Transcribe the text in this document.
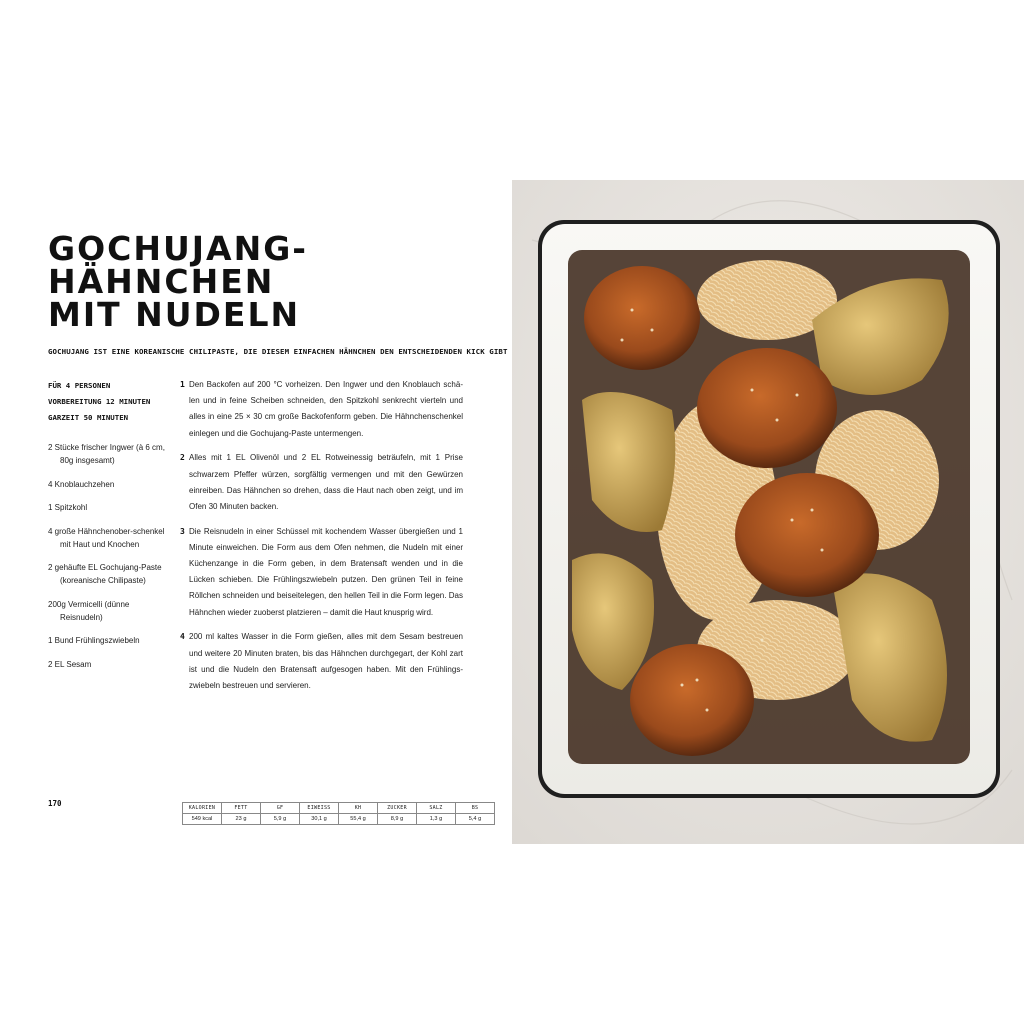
GOCHUJANG-
HÄHNCHEN
MIT NUDELN

GOCHUJANG IST EINE KOREANISCHE CHILIPASTE, DIE DIESEM EINFACHEN HÄHNCHEN DEN ENTSCHEIDENDEN KICK GIBT

FÜR 4 PERSONEN
VORBEREITUNG 12 MINUTEN
GARZEIT 50 MINUTEN
2 Stücke frischer Ingwer (à 6 cm, 80g insgesamt)
4 Knoblauchzehen
1 Spitzkohl
4 große Hähnchenober-schenkel mit Haut und Knochen
2 gehäufte EL Gochujang-Paste (koreanische Chilipaste)
200g Vermicelli (dünne Reisnudeln)
1 Bund Frühlingszwiebeln
2 EL Sesam
1 Den Backofen auf 200 °C vorheizen. Den Ingwer und den Knoblauch schä-len und in feine Scheiben schneiden, den Spitzkohl senkrecht vierteln und alles in eine 25 × 30 cm große Backofenform geben. Die Hähnchenschenkel einlegen und die Gochujang-Paste untermengen.
2 Alles mit 1 EL Olivenöl und 2 EL Rotweinessig beträufeln, mit 1 Prise schwarzem Pfeffer würzen, sorgfältig vermengen und mit den Gewürzen einreiben. Das Hähnchen so drehen, dass die Haut nach oben zeigt, und im Ofen 30 Minuten backen.
3 Die Reisnudeln in einer Schüssel mit kochendem Wasser übergießen und 1 Minute einweichen. Die Form aus dem Ofen nehmen, die Nudeln mit einer Küchenzange in die Form geben, in dem Bratensaft wenden und in die Lücken schieben. Die Frühlingszwiebeln putzen. Den grünen Teil in feine Röllchen schneiden und beiseitelegen, den hellen Teil in die Form legen. Das Hähnchen wieder zuoberst platzieren – damit die Haut knusprig wird.
4 200 ml kaltes Wasser in die Form gießen, alles mit dem Sesam bestreuen und weitere 20 Minuten braten, bis das Hähnchen durchgegart, der Kohl zart ist und die Nudeln den Bratensaft aufgesogen haben. Mit den Frühlings-zwiebeln bestreuen und servieren.
170	KALORIEN	FETT	GF	EIWEISS	KH	ZUCKER	SALZ	BS
549 kcal	23 g	5,9 g	30,1 g	55,4 g	8,9 g	1,3 g	5,4 g
